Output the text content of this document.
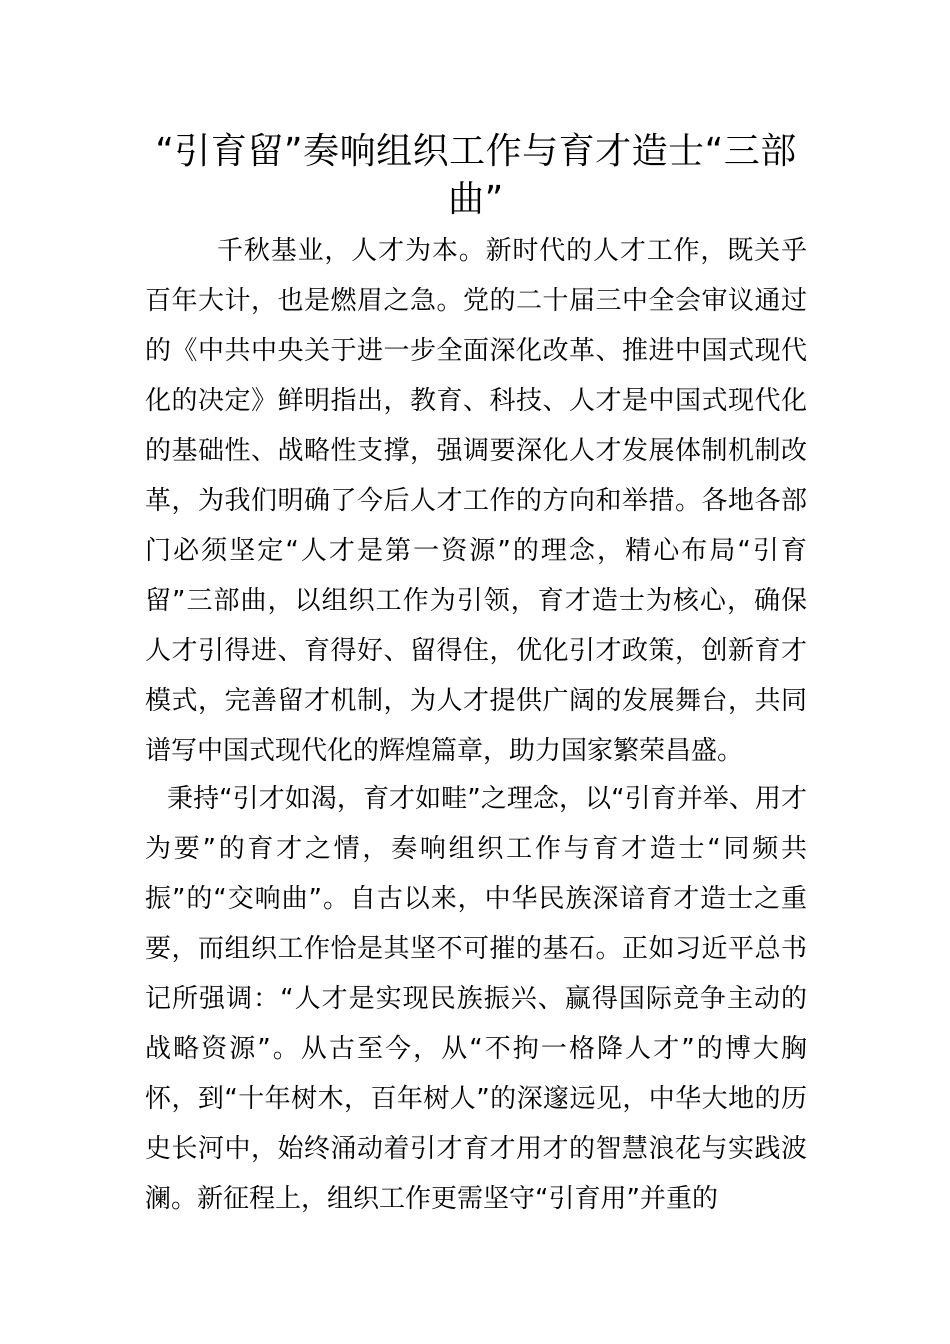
“引育留”奏响组织工作与育才造士“三部曲”

千秋基业，人才为本。新时代的人才工作，既关乎百年大计，也是燃眉之急。党的二十届三中全会审议通过的《中共中央关于进一步全面深化改革、推进中国式现代化的决定》鲜明指出，教育、科技、人才是中国式现代化的基础性、战略性支撑，强调要深化人才发展体制机制改革，为我们明确了今后人才工作的方向和举措。各地各部门必须坚定“人才是第一资源”的理念，精心布局“引育留”三部曲，以组织工作为引领，育才造士为核心，确保人才引得进、育得好、留得住，优化引才政策，创新育才模式，完善留才机制，为人才提供广阔的发展舞台，共同谱写中国式现代化的辉煌篇章，助力国家繁荣昌盛。

秉持“引才如渴，育才如畦”之理念，以“引育并举、用才为要”的育才之情，奏响组织工作与育才造士“同频共振”的“交响曲”。自古以来，中华民族深谙育才造士之重要，而组织工作恰是其坚不可摧的基石。正如习近平总书记所强调：“人才是实现民族振兴、赢得国际竞争主动的战略资源”。从古至今，从“不拘一格降人才”的博大胸怀，到“十年树木，百年树人”的深邃远见，中华大地的历史长河中，始终涌动着引才育才用才的智慧浪花与实践波澜。新征程上，组织工作更需坚守“引育用”并重的
